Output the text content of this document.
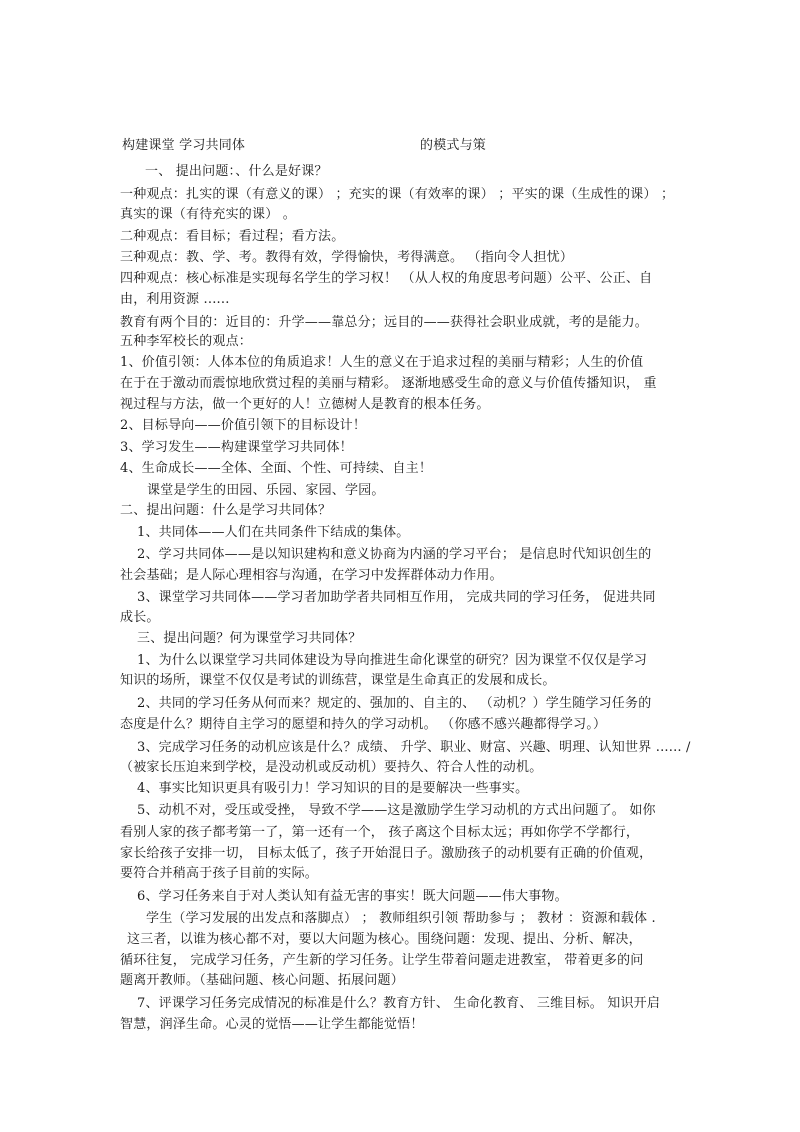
构建课堂 学习共同体	的模式与策
一、 提出问题：、什么是好课？
一种观点：扎实的课（有意义的课） ；充实的课（有效率的课） ；平实的课（生成性的课） ；
真实的课（有待充实的课） 。
二种观点：看目标；看过程；看方法。
三种观点：教、学、考。教得有效，学得愉快，考得满意。 （指向令人担忧）
四种观点：核心标准是实现每名学生的学习权！ （从人权的角度思考问题）公平、公正、自
由，利用资源 ......
教育有两个目的：近目的：升学——靠总分；远目的——获得社会职业成就，考的是能力。
五种李军校长的观点：
1、价值引领：人体本位的角质追求！人生的意义在于追求过程的美丽与精彩；人生的价值
在于在于激动而震惊地欣赏过程的美丽与精彩。 逐渐地感受生命的意义与价值传播知识， 重
视过程与方法，做一个更好的人！立德树人是教育的根本任务。
2、目标导向——价值引领下的目标设计！
3、学习发生——构建课堂学习共同体！
4、生命成长——全体、全面、个性、可持续、自主！
课堂是学生的田园、乐园、家园、学园。
二、提出问题：什么是学习共同体？
1、共同体——人们在共同条件下结成的集体。
2、学习共同体——是以知识建构和意义协商为内涵的学习平台； 是信息时代知识创生的
社会基础；是人际心理相容与沟通，在学习中发挥群体动力作用。
3、课堂学习共同体——学习者加助学者共同相互作用， 完成共同的学习任务， 促进共同
成长。
三、提出问题？何为课堂学习共同体？
1、为什么以课堂学习共同体建设为导向推进生命化课堂的研究？因为课堂不仅仅是学习
知识的场所，课堂不仅仅是考试的训练营，课堂是生命真正的发展和成长。
2、共同的学习任务从何而来？规定的、强加的、自主的、 （动机？）学生随学习任务的
态度是什么？期待自主学习的愿望和持久的学习动机。 （你感不感兴趣都得学习。）
3、完成学习任务的动机应该是什么？成绩、 升学、职业、财富、兴趣、明理、认知世界 ...... /
（被家长压迫来到学校，是没动机或反动机）要持久、符合人性的动机。
4、事实比知识更具有吸引力！学习知识的目的是要解决一些事实。
5、动机不对，受压或受挫， 导致不学——这是激励学生学习动机的方式出问题了。 如你
看别人家的孩子都考第一了，第一还有一个， 孩子离这个目标太远；再如你学不学都行，
家长给孩子安排一切， 目标太低了，孩子开始混日子。激励孩子的动机要有正确的价值观，
要符合并稍高于孩子目前的实际。
6、学习任务来自于对人类认知有益无害的事实！既大问题——伟大事物。
学生（学习发展的出发点和落脚点） ； 教师组织引领 帮助参与 ； 教材 ：资源和载体 .
这三者，以谁为核心都不对，要以大问题为核心。围绕问题：发现、提出、分析、解决，
循环往复， 完成学习任务，产生新的学习任务。让学生带着问题走进教室， 带着更多的问
题离开教师。（基础问题、核心问题、拓展问题）
7、评课学习任务完成情况的标准是什么？教育方针、 生命化教育、 三维目标。 知识开启
智慧，润泽生命。心灵的觉悟——让学生都能觉悟！
